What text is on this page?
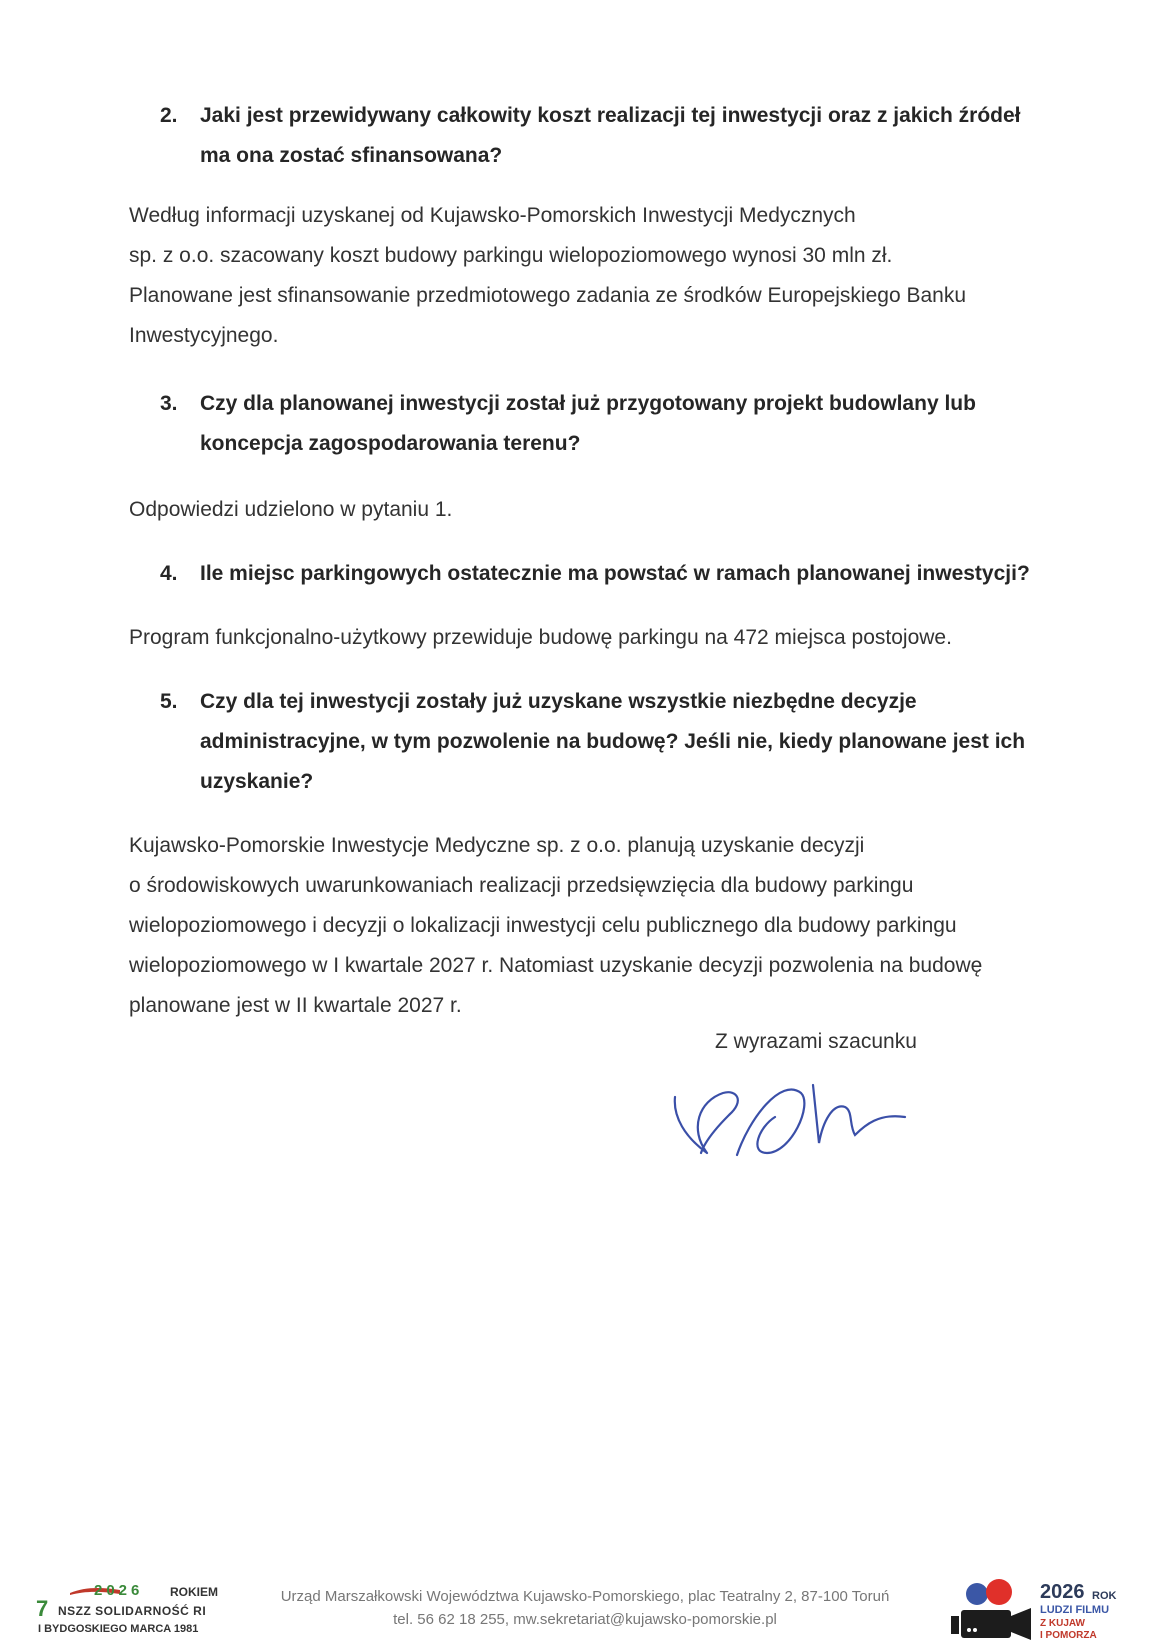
2.	Jaki jest przewidywany całkowity koszt realizacji tej inwestycji oraz z jakich źródeł
ma ona zostać sfinansowana?
Według informacji uzyskanej od Kujawsko-Pomorskich Inwestycji Medycznych
sp. z o.o. szacowany koszt budowy parkingu wielopoziomowego wynosi 30 mln zł.
Planowane jest sfinansowanie przedmiotowego zadania ze środków Europejskiego Banku
Inwestycyjnego.
3.	Czy dla planowanej inwestycji został już przygotowany projekt budowlany lub
koncepcja zagospodarowania terenu?
Odpowiedzi udzielono w pytaniu 1.
4.	Ile miejsc parkingowych ostatecznie ma powstać w ramach planowanej inwestycji?
Program funkcjonalno-użytkowy przewiduje budowę parkingu na 472 miejsca postojowe.
5.	Czy dla tej inwestycji zostały już uzyskane wszystkie niezbędne decyzje
administracyjne, w tym pozwolenie na budowę? Jeśli nie, kiedy planowane jest ich
uzyskanie?
Kujawsko-Pomorskie Inwestycje Medyczne sp. z o.o. planują uzyskanie decyzji
o środowiskowych uwarunkowaniach realizacji przedsięwzięcia dla budowy parkingu
wielopoziomowego i decyzji o lokalizacji inwestycji celu publicznego dla budowy parkingu
wielopoziomowego w I kwartale 2027 r. Natomiast uzyskanie decyzji pozwolenia na budowę
planowane jest w II kwartale 2027 r.
Z wyrazami szacunku
2026 ROKIEM
7 NSZZ SOLIDARNOŚĆ RI
I BYDGOSKIEGO MARCA 1981
Urząd Marszałkowski Województwa Kujawsko-Pomorskiego, plac Teatralny 2, 87-100 Toruń
tel. 56 62 18 255, mw.sekretariat@kujawsko-pomorskie.pl
2026 ROK
LUDZI FILMU
Z KUJAW
I POMORZA
